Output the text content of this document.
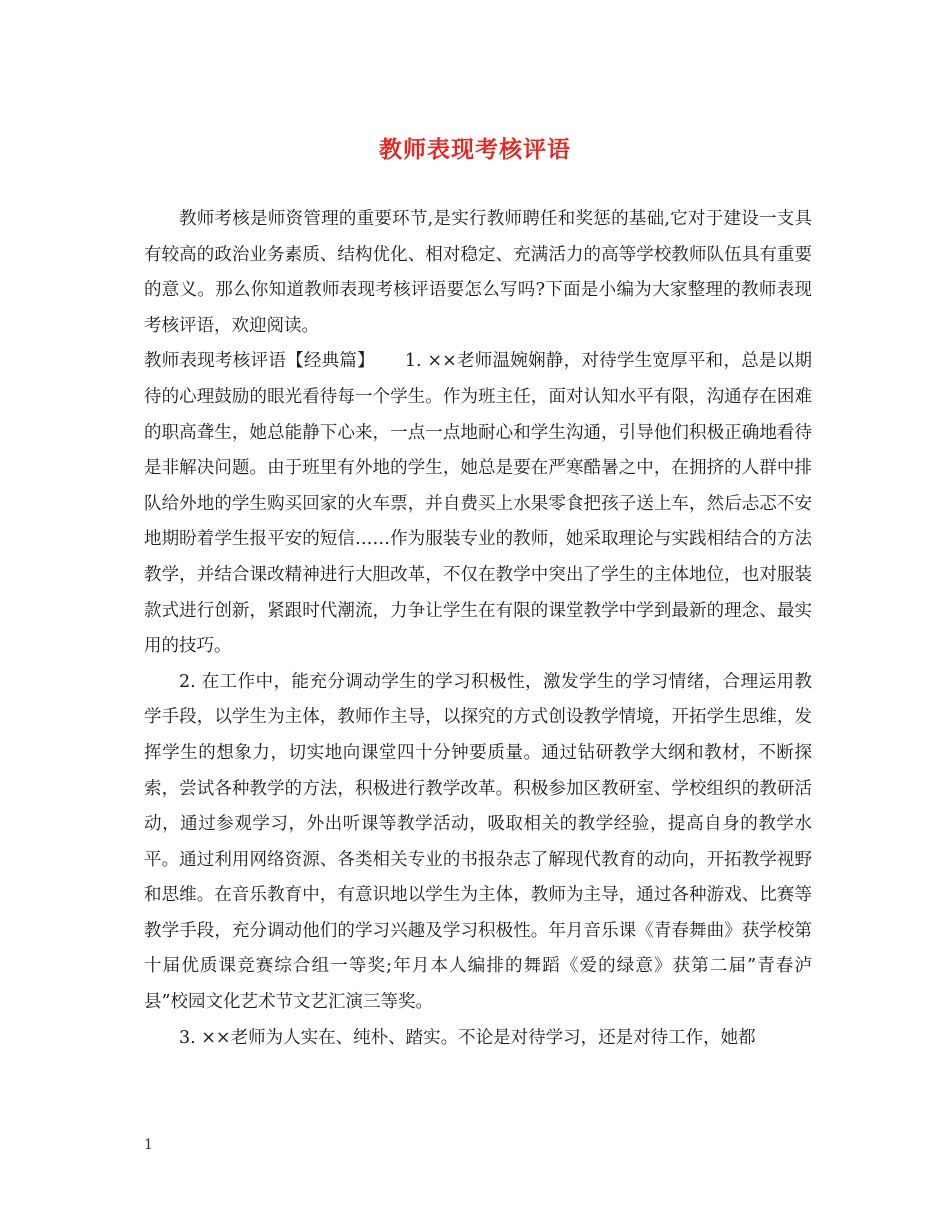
教师表现考核评语

教师考核是师资管理的重要环节,是实行教师聘任和奖惩的基础,它对于建设一支具有较高的政治业务素质、结构优化、相对稳定、充满活力的高等学校教师队伍具有重要的意义。那么你知道教师表现考核评语要怎么写吗?下面是小编为大家整理的教师表现考核评语，欢迎阅读。

教师表现考核评语【经典篇】 1. ××老师温婉娴静，对待学生宽厚平和，总是以期待的心理鼓励的眼光看待每一个学生。作为班主任，面对认知水平有限，沟通存在困难的职高聋生，她总能静下心来，一点一点地耐心和学生沟通，引导他们积极正确地看待是非解决问题。由于班里有外地的学生，她总是要在严寒酷暑之中，在拥挤的人群中排队给外地的学生购买回家的火车票，并自费买上水果零食把孩子送上车，然后忐忑不安地期盼着学生报平安的短信……作为服装专业的教师，她采取理论与实践相结合的方法教学，并结合课改精神进行大胆改革，不仅在教学中突出了学生的主体地位，也对服装款式进行创新，紧跟时代潮流，力争让学生在有限的课堂教学中学到最新的理念、最实用的技巧。

2. 在工作中，能充分调动学生的学习积极性，激发学生的学习情绪，合理运用教学手段，以学生为主体，教师作主导，以探究的方式创设教学情境，开拓学生思维，发挥学生的想象力，切实地向课堂四十分钟要质量。通过钻研教学大纲和教材，不断探索，尝试各种教学的方法，积极进行教学改革。积极参加区教研室、学校组织的教研活动，通过参观学习，外出听课等教学活动，吸取相关的教学经验，提高自身的教学水平。通过利用网络资源、各类相关专业的书报杂志了解现代教育的动向，开拓教学视野和思维。在音乐教育中，有意识地以学生为主体，教师为主导，通过各种游戏、比赛等教学手段，充分调动他们的学习兴趣及学习积极性。年月音乐课《青春舞曲》获学校第十届优质课竞赛综合组一等奖;年月本人编排的舞蹈《爱的绿意》获第二届”青春泸县”校园文化艺术节文艺汇演三等奖。

3. ××老师为人实在、纯朴、踏实。不论是对待学习，还是对待工作，她都

1
